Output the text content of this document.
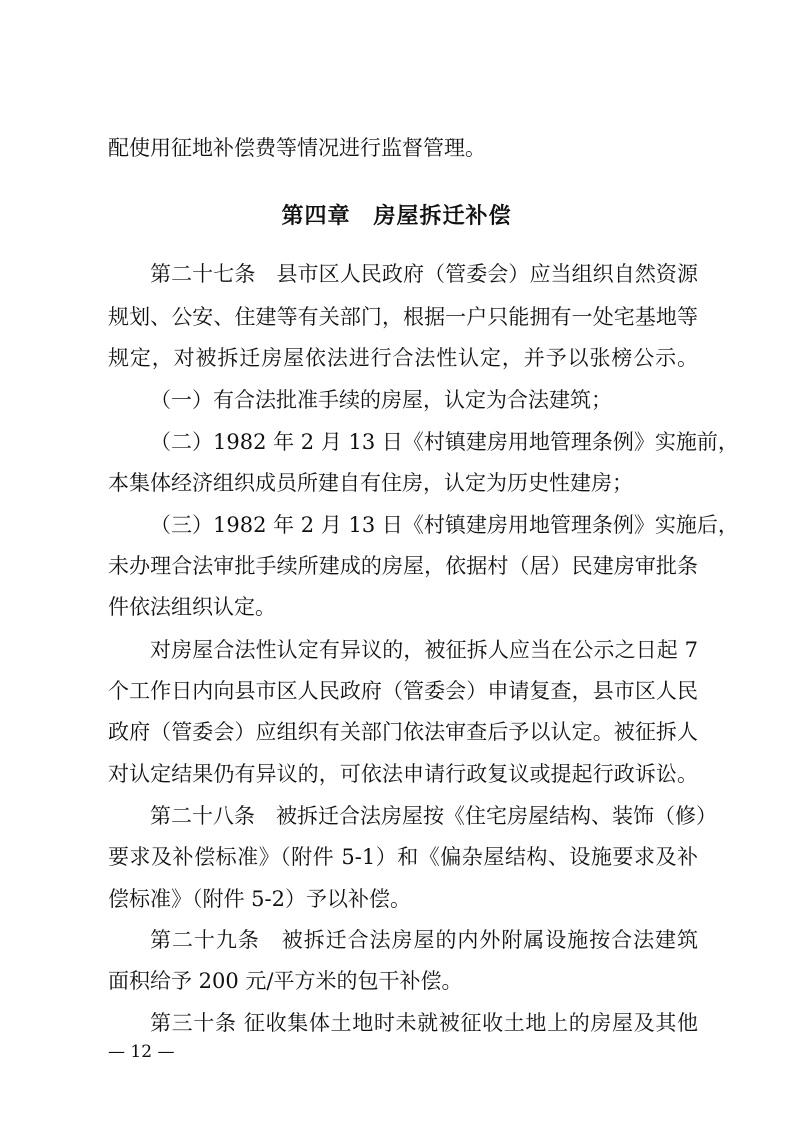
配使用征地补偿费等情况进行监督管理。
第四章　房屋拆迁补偿
第二十七条　县市区人民政府（管委会）应当组织自然资源
规划、公安、住建等有关部门，根据一户只能拥有一处宅基地等
规定，对被拆迁房屋依法进行合法性认定，并予以张榜公示。
（一）有合法批准手续的房屋，认定为合法建筑；
（二）1982 年 2 月 13 日《村镇建房用地管理条例》实施前，
本集体经济组织成员所建自有住房，认定为历史性建房；
（三）1982 年 2 月 13 日《村镇建房用地管理条例》实施后，
未办理合法审批手续所建成的房屋，依据村（居）民建房审批条
件依法组织认定。
对房屋合法性认定有异议的，被征拆人应当在公示之日起 7
个工作日内向县市区人民政府（管委会）申请复查，县市区人民
政府（管委会）应组织有关部门依法审查后予以认定。被征拆人
对认定结果仍有异议的，可依法申请行政复议或提起行政诉讼。
第二十八条　被拆迁合法房屋按《住宅房屋结构、装饰（修）
要求及补偿标准》（附件 5-1）和《偏杂屋结构、设施要求及补
偿标准》（附件 5-2）予以补偿。
第二十九条　被拆迁合法房屋的内外附属设施按合法建筑
面积给予 200 元/平方米的包干补偿。
第三十条 征收集体土地时未就被征收土地上的房屋及其他
— 12 —
